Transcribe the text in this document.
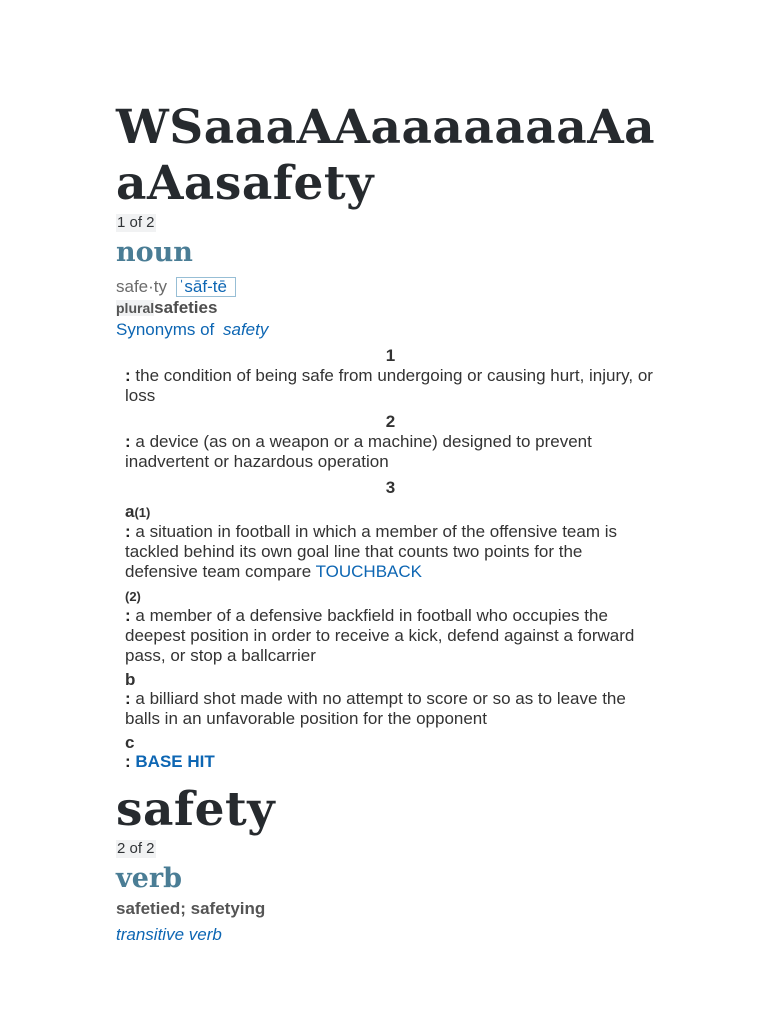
WSaaaAAaaaaaaaAaaAasafety
1 of 2
noun
safe·ty ˈsāf-tē
pluralsafeties
Synonyms of safety
1
: the condition of being safe from undergoing or causing hurt, injury, or loss
2
: a device (as on a weapon or a machine) designed to prevent inadvertent or hazardous operation
3
a(1)
: a situation in football in which a member of the offensive team is tackled behind its own goal line that counts two points for the defensive team compare TOUCHBACK
(2)
: a member of a defensive backfield in football who occupies the deepest position in order to receive a kick, defend against a forward pass, or stop a ballcarrier
b
: a billiard shot made with no attempt to score or so as to leave the balls in an unfavorable position for the opponent
c
: BASE HIT
safety
2 of 2
verb
safetied; safetying
transitive verb
